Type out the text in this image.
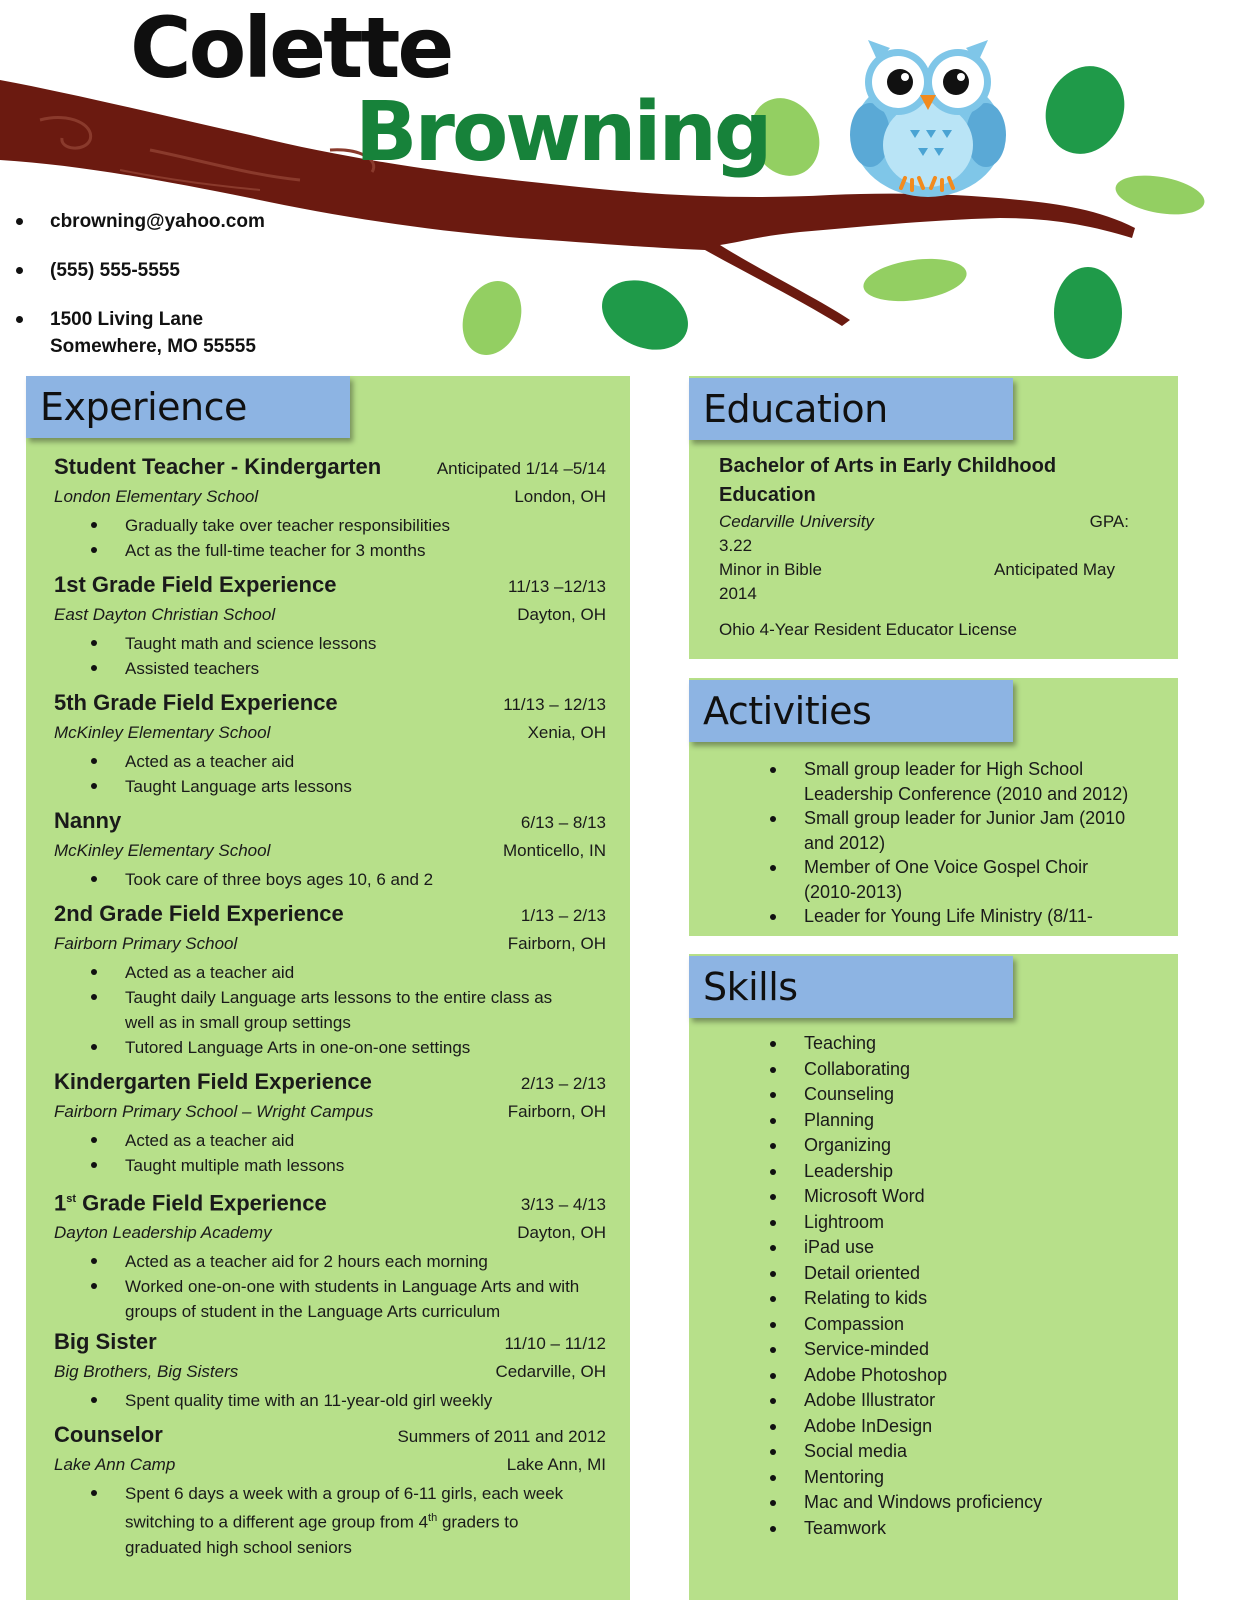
Colette
Browning
cbrowning@yahoo.com
(555) 555-5555
1500 Living Lane
Somewhere, MO 55555
Experience
Student Teacher - Kindergarten	Anticipated 1/14 –5/14
London Elementary School	London, OH
Gradually take over teacher responsibilities
Act as the full-time teacher for 3 months
1st Grade Field Experience	11/13 –12/13
East Dayton Christian School	Dayton, OH
Taught math and science lessons
Assisted teachers
5th Grade Field Experience	11/13 – 12/13
McKinley Elementary School	Xenia, OH
Acted as a teacher aid
Taught Language arts lessons
Nanny	6/13 – 8/13
McKinley Elementary School	Monticello, IN
Took care of three boys ages 10, 6 and 2
2nd Grade Field Experience	1/13 – 2/13
Fairborn Primary School	Fairborn, OH
Acted as a teacher aid
Taught daily Language arts lessons to the entire class as well as in small group settings
Tutored Language Arts in one-on-one settings
Kindergarten Field Experience	2/13 – 2/13
Fairborn Primary School – Wright Campus	Fairborn, OH
Acted as a teacher aid
Taught multiple math lessons
1st Grade Field Experience	3/13 – 4/13
Dayton Leadership Academy	Dayton, OH
Acted as a teacher aid for 2 hours each morning
Worked one-on-one with students in Language Arts and with groups of student in the Language Arts curriculum
Big Sister	11/10 – 11/12
Big Brothers, Big Sisters	Cedarville, OH
Spent quality time with an 11-year-old girl weekly
Counselor	Summers of 2011 and 2012
Lake Ann Camp	Lake Ann, MI
Spent 6 days a week with a group of 6-11 girls, each week switching to a different age group from 4th graders to graduated high school seniors
Education
Bachelor of Arts in Early Childhood Education
Cedarville University	GPA:
3.22
Minor in Bible	Anticipated May
2014
Ohio 4-Year Resident Educator License
Small group leader for High School
Leadership Conference (2010 and 2012)
Small group leader for Junior Jam (2010
and 2012)
Member of One Voice Gospel Choir
(2010-2013)
Leader for Young Life Ministry (8/11-
Activities
Skills
Teaching
Collaborating
Counseling
Planning
Organizing
Leadership
Microsoft Word
Lightroom
iPad use
Detail oriented
Relating to kids
Compassion
Service-minded
Adobe Photoshop
Adobe Illustrator
Adobe InDesign
Social media
Mentoring
Mac and Windows proficiency
Teamwork
